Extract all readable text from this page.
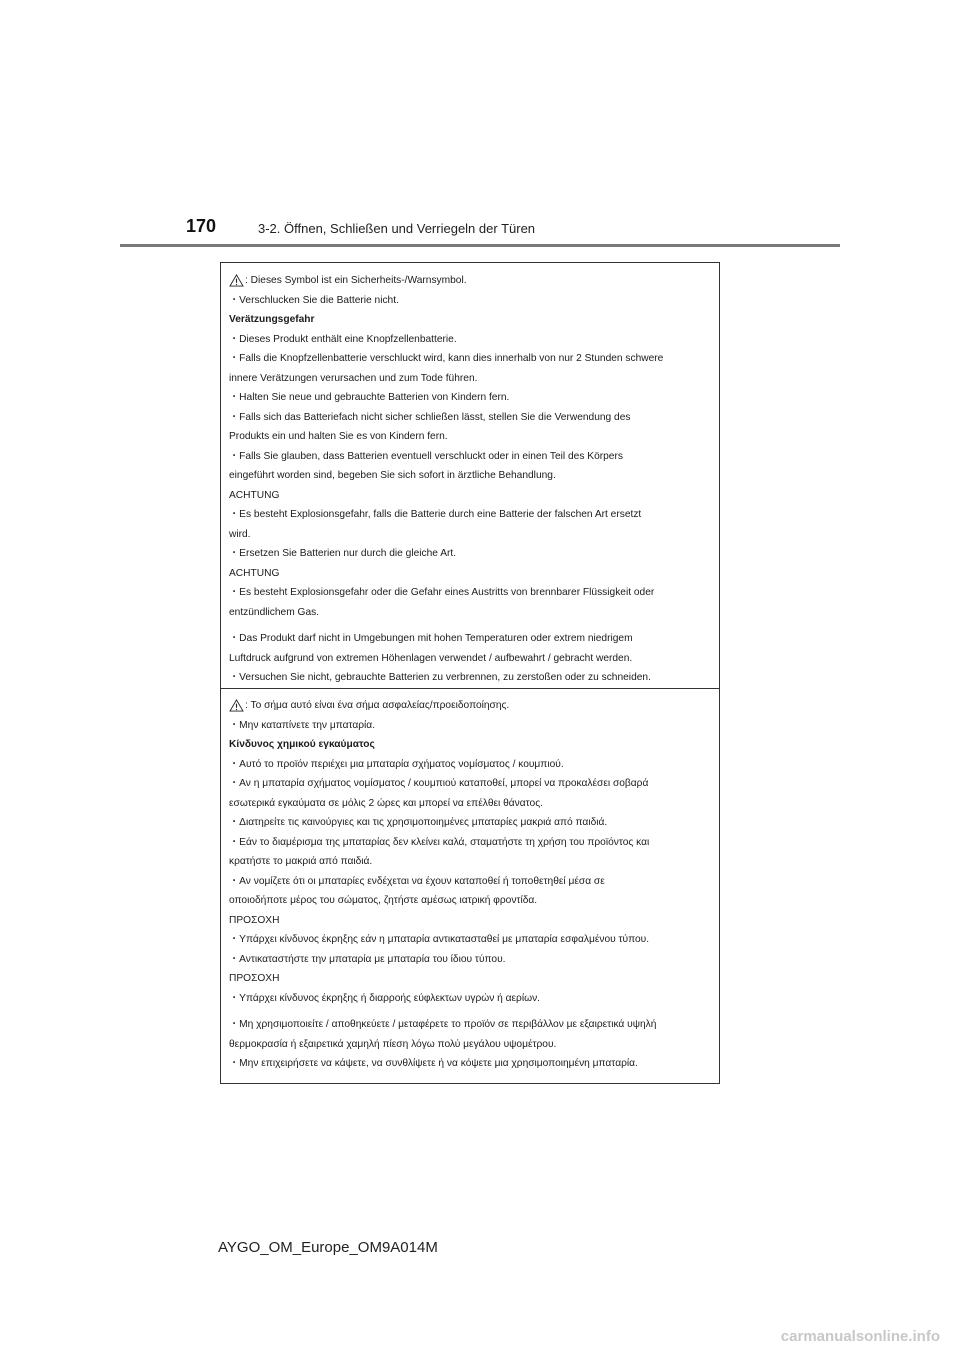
170	3-2. Öffnen, Schließen und Verriegeln der Türen
: Dieses Symbol ist ein Sicherheits-/Warnsymbol.
・Verschlucken Sie die Batterie nicht.
Verätzungsgefahr
・Dieses Produkt enthält eine Knopfzellenbatterie.
・Falls die Knopfzellenbatterie verschluckt wird, kann dies innerhalb von nur 2 Stunden schwere
innere Verätzungen verursachen und zum Tode führen.
・Halten Sie neue und gebrauchte Batterien von Kindern fern.
・Falls sich das Batteriefach nicht sicher schließen lässt, stellen Sie die Verwendung des
Produkts ein und halten Sie es von Kindern fern.
・Falls Sie glauben, dass Batterien eventuell verschluckt oder in einen Teil des Körpers
eingeführt worden sind, begeben Sie sich sofort in ärztliche Behandlung.
ACHTUNG
・Es besteht Explosionsgefahr, falls die Batterie durch eine Batterie der falschen Art ersetzt
wird.
・Ersetzen Sie Batterien nur durch die gleiche Art.
ACHTUNG
・Es besteht Explosionsgefahr oder die Gefahr eines Austritts von brennbarer Flüssigkeit oder
entzündlichem Gas.
・Das Produkt darf nicht in Umgebungen mit hohen Temperaturen oder extrem niedrigem
Luftdruck aufgrund von extremen Höhenlagen verwendet / aufbewahrt / gebracht werden.
・Versuchen Sie nicht, gebrauchte Batterien zu verbrennen, zu zerstoßen oder zu schneiden.
: Το σήμα αυτό είναι ένα σήμα ασφαλείας/προειδοποίησης.
・Μην καταπίνετε την μπαταρία.
Κίνδυνος χημικού εγκαύματος
・Αυτό το προϊόν περιέχει μια μπαταρία σχήματος νομίσματος / κουμπιού.
・Αν η μπαταρία σχήματος νομίσματος / κουμπιού καταποθεί, μπορεί να προκαλέσει σοβαρά
εσωτερικά εγκαύματα σε μόλις 2 ώρες και μπορεί να επέλθει θάνατος.
・Διατηρείτε τις καινούργιες και τις χρησιμοποιημένες μπαταρίες μακριά από παιδιά.
・Εάν το διαμέρισμα της μπαταρίας δεν κλείνει καλά, σταματήστε τη χρήση του προϊόντος και
κρατήστε το μακριά από παιδιά.
・Αν νομίζετε ότι οι μπαταρίες ενδέχεται να έχουν καταποθεί ή τοποθετηθεί μέσα σε
οποιοδήποτε μέρος του σώματος, ζητήστε αμέσως ιατρική φροντίδα.
ΠΡΟΣΟΧΗ
・Υπάρχει κίνδυνος έκρηξης εάν η μπαταρία αντικατασταθεί με μπαταρία εσφαλμένου τύπου.
・Αντικαταστήστε την μπαταρία με μπαταρία του ίδιου τύπου.
ΠΡΟΣΟΧΗ
・Υπάρχει κίνδυνος έκρηξης ή διαρροής εύφλεκτων υγρών ή αερίων.
・Μη χρησιμοποιείτε / αποθηκεύετε / μεταφέρετε το προϊόν σε περιβάλλον με εξαιρετικά υψηλή
θερμοκρασία ή εξαιρετικά χαμηλή πίεση λόγω πολύ μεγάλου υψομέτρου.
・Μην επιχειρήσετε να κάψετε, να συνθλίψετε ή να κόψετε μια χρησιμοποιημένη μπαταρία.
AYGO_OM_Europe_OM9A014M
carmanualsonline.info
